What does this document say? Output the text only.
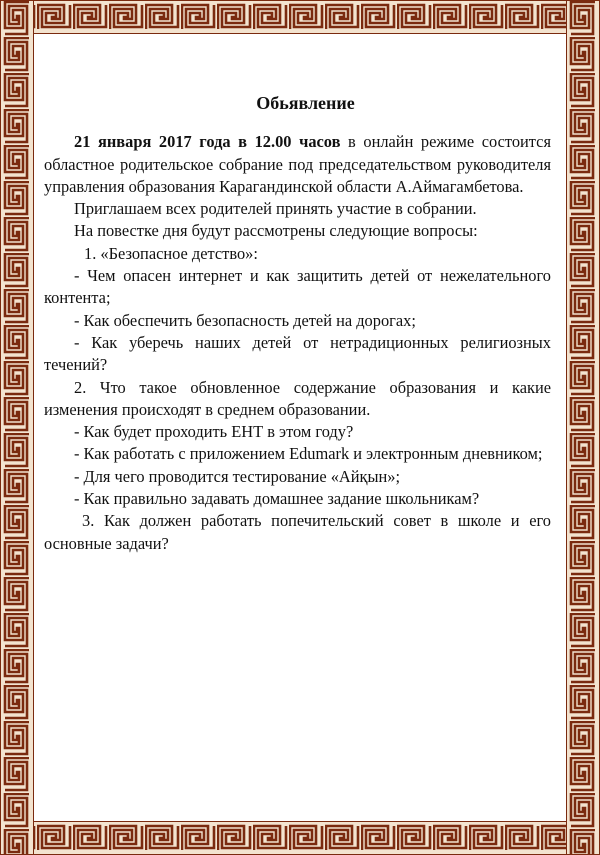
Обьявление

21 января 2017 года в 12.00 часов в онлайн режиме состоится областное родительское собрание под председательством руководителя управления образования Карагандинской области А.Аймагамбетова.

Приглашаем всех родителей принять участие в собрании.

На повестке дня будут рассмотрены следующие вопросы:

1. «Безопасное детство»:

- Чем опасен интернет и как защитить детей от нежелательного контента;

- Как обеспечить безопасность детей на дорогах;

- Как уберечь наших детей от нетрадиционных религиозных течений?

2. Что такое обновленное содержание образования и какие изменения происходят в среднем образовании.

- Как будет проходить ЕНТ в этом году?

- Как работать с приложением Edumark и электронным дневником;

- Для чего проводится тестирование «Айқын»;

- Как правильно задавать домашнее задание школьникам?

3. Как должен работать попечительский совет в школе и его основные задачи?
